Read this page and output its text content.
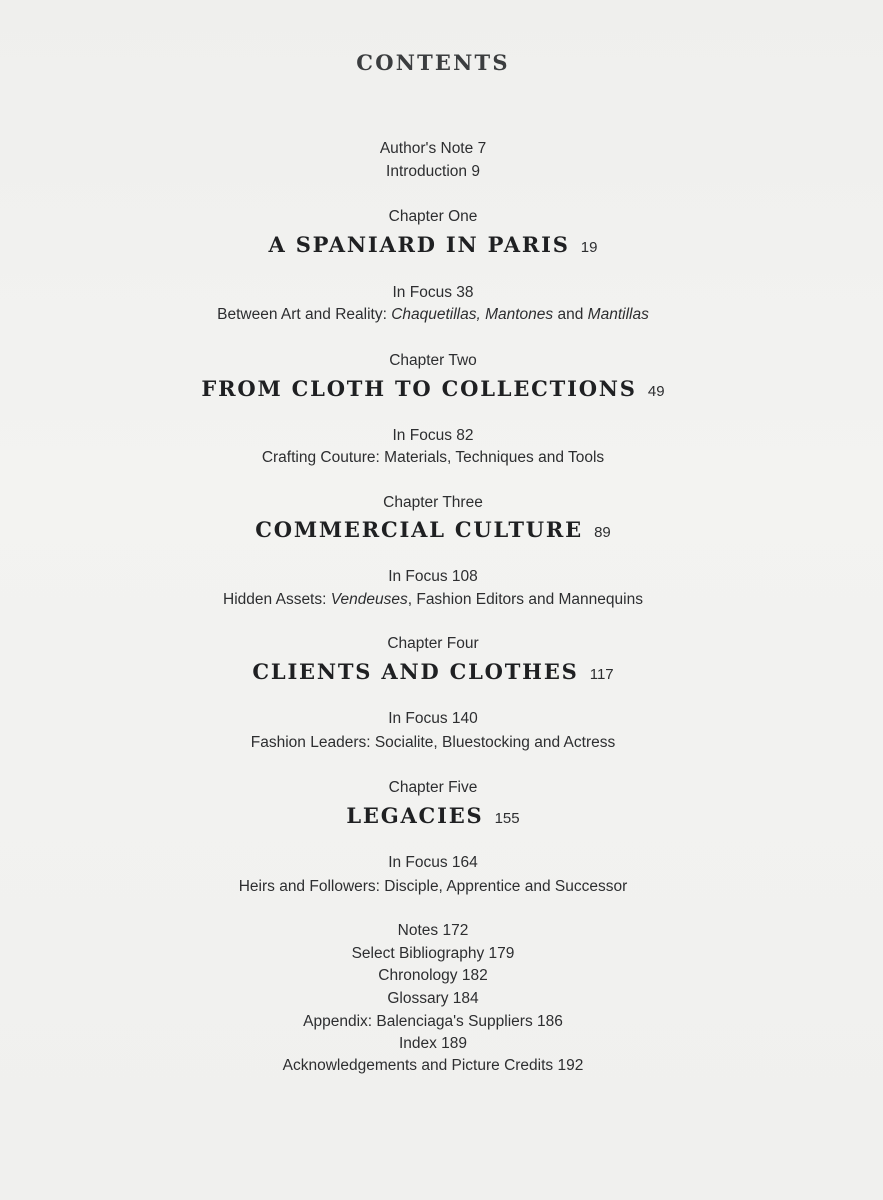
CONTENTS
Author's Note 7
Introduction 9
Chapter One
A SPANIARD IN PARIS 19
In Focus 38
Between Art and Reality: Chaquetillas, Mantones and Mantillas
Chapter Two
FROM CLOTH TO COLLECTIONS 49
In Focus 82
Crafting Couture: Materials, Techniques and Tools
Chapter Three
COMMERCIAL CULTURE 89
In Focus 108
Hidden Assets: Vendeuses, Fashion Editors and Mannequins
Chapter Four
CLIENTS AND CLOTHES 117
In Focus 140
Fashion Leaders: Socialite, Bluestocking and Actress
Chapter Five
LEGACIES 155
In Focus 164
Heirs and Followers: Disciple, Apprentice and Successor
Notes 172
Select Bibliography 179
Chronology 182
Glossary 184
Appendix: Balenciaga's Suppliers 186
Index 189
Acknowledgements and Picture Credits 192
